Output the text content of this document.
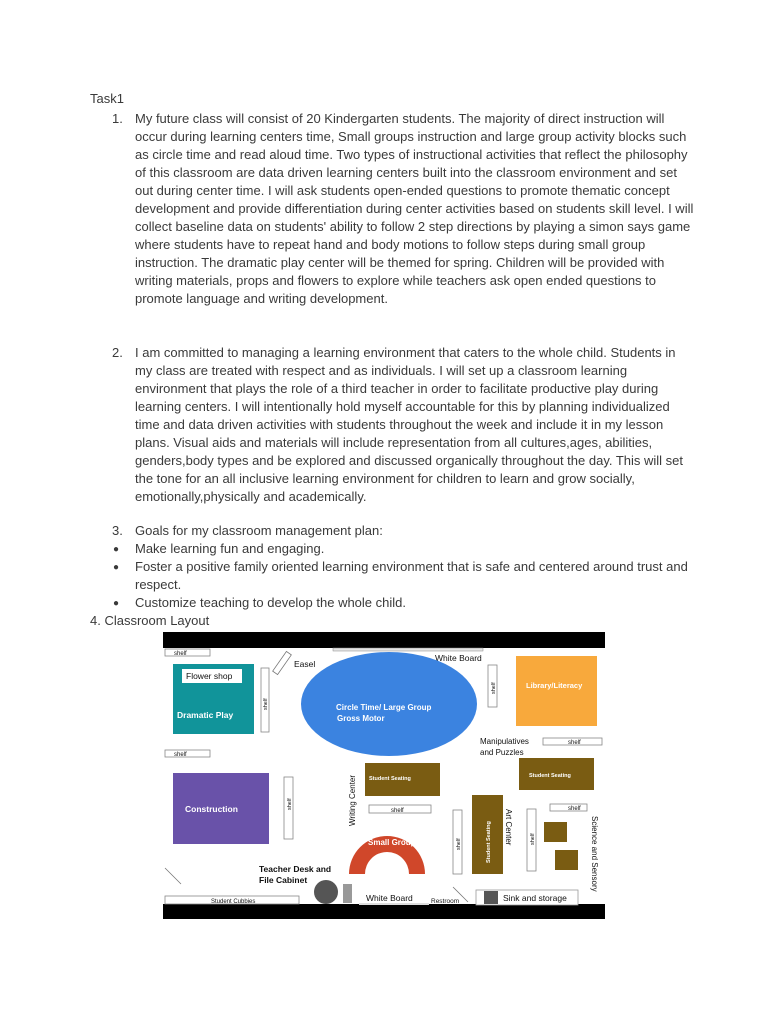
Task1
1. My future class will consist of 20 Kindergarten students. The majority of direct instruction will occur during learning centers time, Small groups instruction and large group activity blocks such as circle time and read aloud time. Two types of instructional activities that reflect the philosophy of this classroom are data driven learning centers built into the classroom environment and set out during center time. I will ask students open-ended questions to promote thematic concept development and provide differentiation during center activities based on students skill level. I will collect baseline data on students' ability to follow 2 step directions by playing a simon says game where students have to repeat hand and body motions to follow steps during small group instruction. The dramatic play center will be themed for spring. Children will be provided with writing materials, props and flowers to explore while teachers ask open ended questions to promote language and writing development.

2. I am committed to managing a learning environment that caters to the whole child. Students in my class are treated with respect and as individuals. I will set up a classroom learning environment that plays the role of a third teacher in order to facilitate productive play during learning centers. I will intentionally hold myself accountable for this by planning individualized time and data driven activities with students throughout the week and include it in my lesson plans. Visual aids and materials will include representation from all cultures,ages, abilities, genders,body types and be explored and discussed organically throughout the day. This will set the tone for an all inclusive learning environment for children to learn and grow socially, emotionally,physically and academically.

3. Goals for my classroom management plan:

● Make learning fun and engaging.

● Foster a positive family oriented learning environment that is safe and centered around trust and respect.

● Customize teaching to develop the whole child.

4. Classroom Layout
shelf	White Board
Easel
Flower shop
Dramatic Play
shelf	Circle Time/ Large Group
Gross Motor
shelf	Library/Literacy
shelf
Manipulatives
and Puzzles
shelf
Construction	shelf	Writing Center Student Seating
shelf
Small Group	shelf	Student Seating Art Center	shelf
Student Seating
shelf
Science and Sensory
Teacher Desk and
File Cabinet
White Board
Student Cubbies	Restroom	Sink and storage
